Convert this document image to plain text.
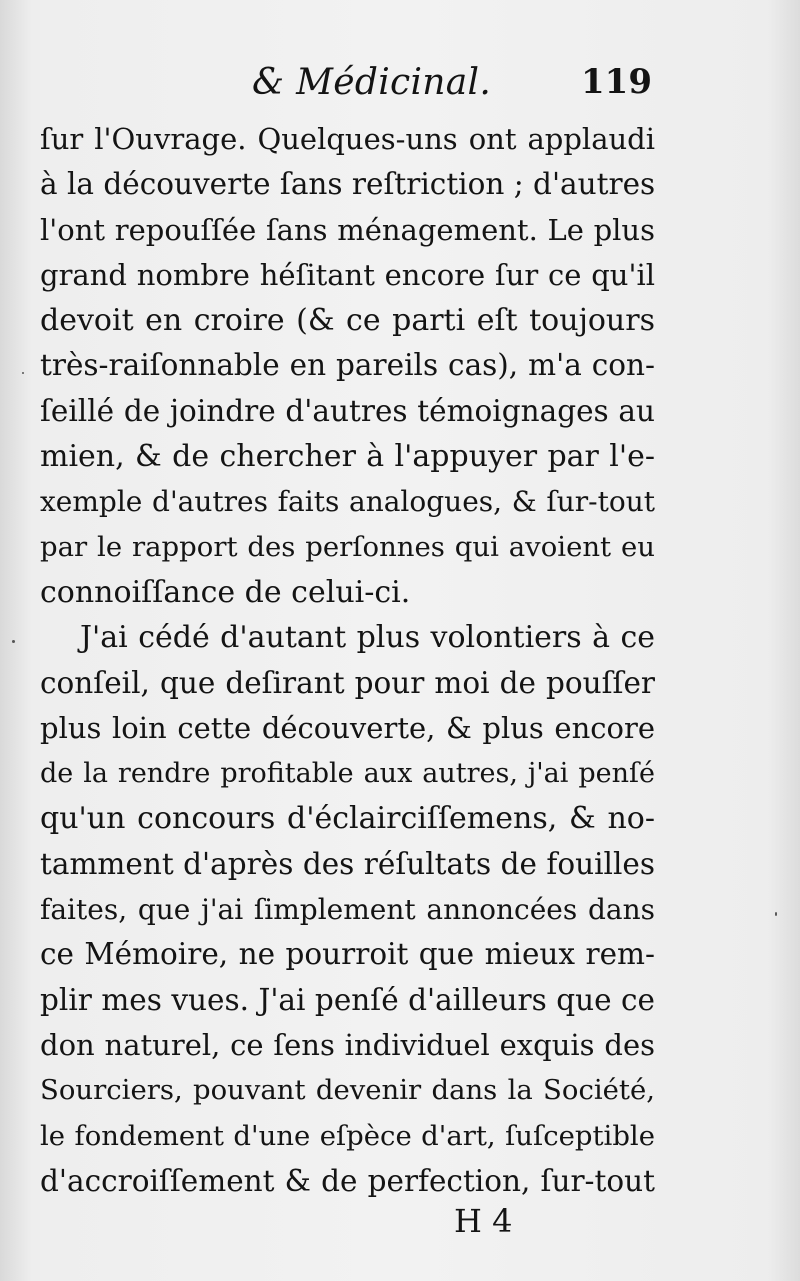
& Médicinal.	119
ſur l'Ouvrage. Quelques-uns ont applaudi
à la découverte ſans reſtriction ; d'autres
l'ont repouſſée ſans ménagement. Le plus
grand nombre héſitant encore ſur ce qu'il
devoit en croire (& ce parti eſt toujours
très-raiſonnable en pareils cas), m'a con-
ſeillé de joindre d'autres témoignages au
mien, & de chercher à l'appuyer par l'e-
xemple d'autres faits analogues, & ſur-tout
par le rapport des perſonnes qui avoient eu
connoiſſance de celui-ci.
J'ai cédé d'autant plus volontiers à ce
conſeil, que deſirant pour moi de pouſſer
plus loin cette découverte, & plus encore
de la rendre profitable aux autres, j'ai penſé
qu'un concours d'éclairciſſemens, & no-
tamment d'après des réſultats de fouilles
faites, que j'ai ſimplement annoncées dans
ce Mémoire, ne pourroit que mieux rem-
plir mes vues. J'ai penſé d'ailleurs que ce
don naturel, ce ſens individuel exquis des
Sourciers, pouvant devenir dans la Société,
le fondement d'une eſpèce d'art, ſuſceptible
d'accroiſſement & de perfection, ſur-tout
H 4
